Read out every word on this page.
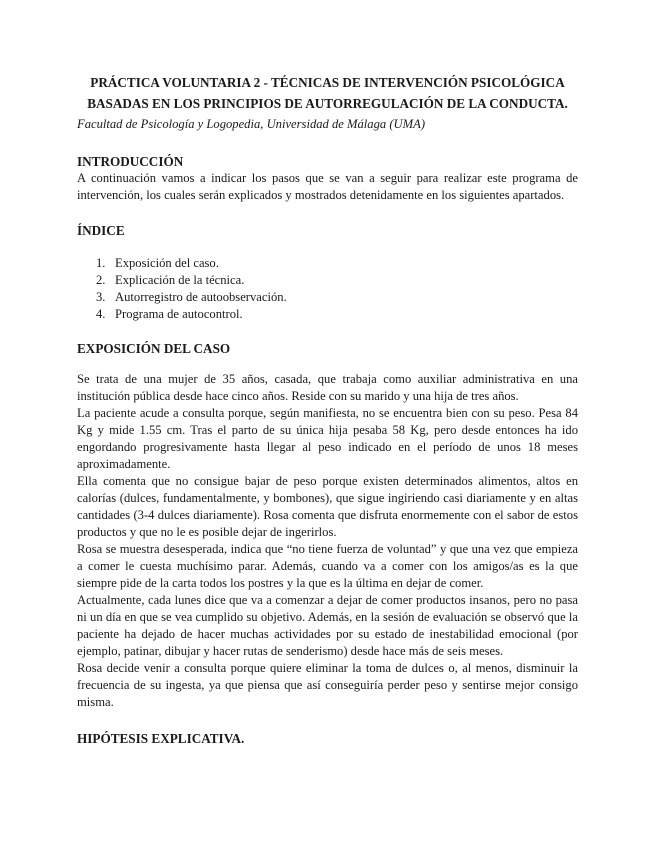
PRÁCTICA VOLUNTARIA 2 - TÉCNICAS DE INTERVENCIÓN PSICOLÓGICA

BASADAS EN LOS PRINCIPIOS DE AUTORREGULACIÓN DE LA CONDUCTA.

Facultad de Psicología y Logopedia, Universidad de Málaga (UMA)

INTRODUCCIÓN

A continuación vamos a indicar los pasos que se van a seguir para realizar este programa de intervención, los cuales serán explicados y mostrados detenidamente en los siguientes apartados.

ÍNDICE

1. Exposición del caso.
2. Explicación de la técnica.
3. Autorregistro de autoobservación.
4. Programa de autocontrol.

EXPOSICIÓN DEL CASO

Se trata de una mujer de 35 años, casada, que trabaja como auxiliar administrativa en una institución pública desde hace cinco años. Reside con su marido y una hija de tres años.

La paciente acude a consulta porque, según manifiesta, no se encuentra bien con su peso. Pesa 84 Kg y mide 1.55 cm. Tras el parto de su única hija pesaba 58 Kg, pero desde entonces ha ido engordando progresivamente hasta llegar al peso indicado en el período de unos 18 meses aproximadamente.

Ella comenta que no consigue bajar de peso porque existen determinados alimentos, altos en calorías (dulces, fundamentalmente, y bombones), que sigue ingiriendo casi diariamente y en altas cantidades (3-4 dulces diariamente). Rosa comenta que disfruta enormemente con el sabor de estos productos y que no le es posible dejar de ingerirlos.

Rosa se muestra desesperada, indica que “no tiene fuerza de voluntad” y que una vez que empieza a comer le cuesta muchísimo parar. Además, cuando va a comer con los amigos/as es la que siempre pide de la carta todos los postres y la que es la última en dejar de comer.

Actualmente, cada lunes dice que va a comenzar a dejar de comer productos insanos, pero no pasa ni un día en que se vea cumplido su objetivo. Además, en la sesión de evaluación se observó que la paciente ha dejado de hacer muchas actividades por su estado de inestabilidad emocional (por ejemplo, patinar, dibujar y hacer rutas de senderismo) desde hace más de seis meses.

Rosa decide venir a consulta porque quiere eliminar la toma de dulces o, al menos, disminuir la frecuencia de su ingesta, ya que piensa que así conseguiría perder peso y sentirse mejor consigo misma.

HIPÓTESIS EXPLICATIVA.
